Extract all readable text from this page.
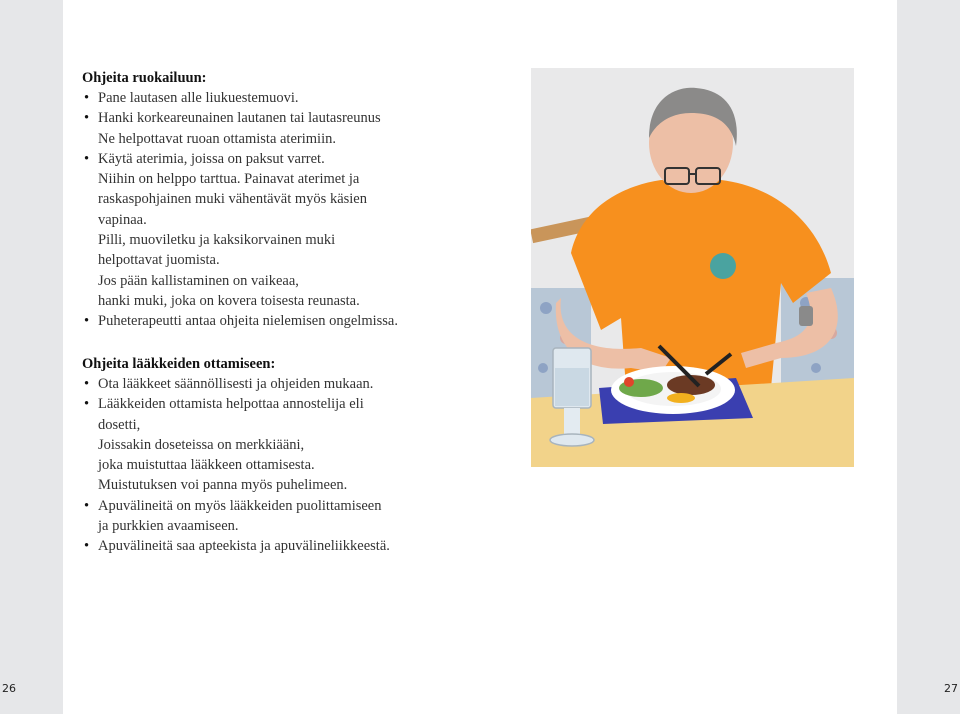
26	27
Ohjeita ruokailuun:
• Pane lautasen alle liukuestemuovi.
• Hanki korkeareunainen lautanen tai lautasreunus
Ne helpottavat ruoan ottamista aterimiin.
• Käytä aterimia, joissa on paksut varret.
Niihin on helppo tarttua. Painavat aterimet ja
raskaspohjainen muki vähentävät myös käsien
vapinaa.
Pilli, muoviletku ja kaksikorvainen muki
helpottavat juomista.
Jos pään kallistaminen on vaikeaa,
hanki muki, joka on kovera toisesta reunasta.
• Puheterapeutti antaa ohjeita nielemisen ongelmissa.
Ohjeita lääkkeiden ottamiseen:
• Ota lääkkeet säännöllisesti ja ohjeiden mukaan.
• Lääkkeiden ottamista helpottaa annostelija eli
dosetti,
Joissakin doseteissa on merkkiääni,
joka muistuttaa lääkkeen ottamisesta.
Muistutuksen voi panna myös puhelimeen.
• Apuvälineitä on myös lääkkeiden puolittamiseen
ja purkkien avaamiseen.
• Apuvälineitä saa apteekista ja apuvälineliikkeestä.
